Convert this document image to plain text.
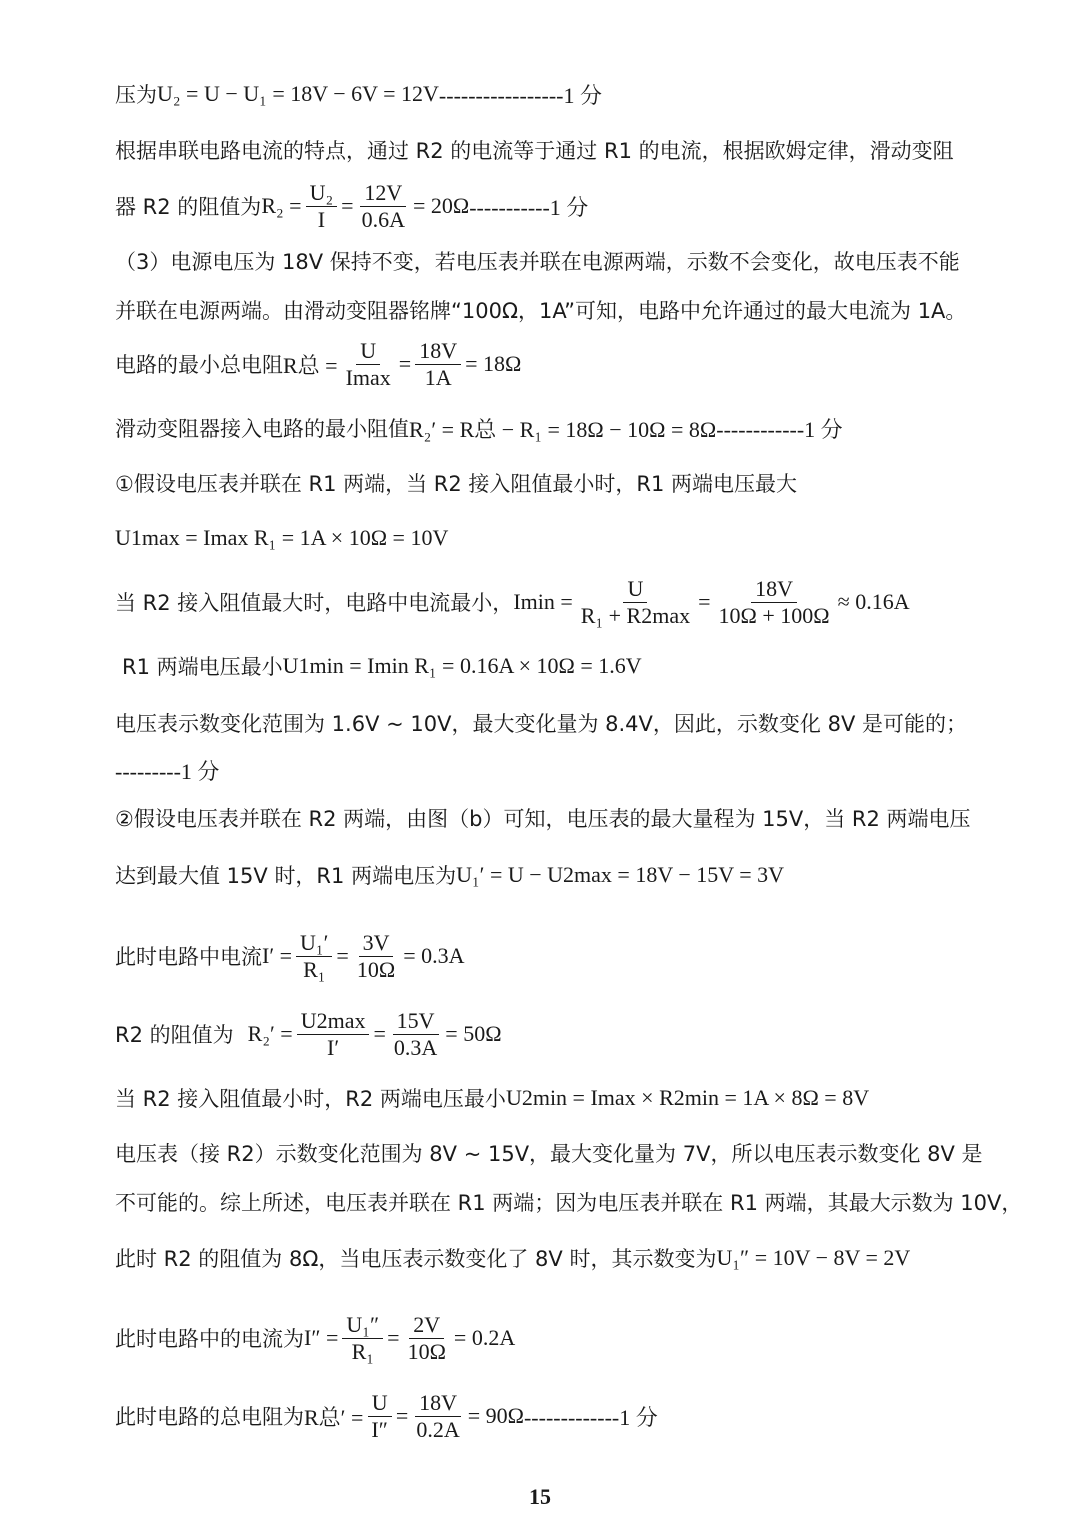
压为 U₂ = U − U₁ = 18V − 6V = 12V -----------------1 分
根据串联电路电流的特点，通过 R2 的电流等于通过 R1 的电流，根据欧姆定律，滑动变阻
器 R2 的阻值为 $R_2 = \frac{\text{U₂}}{I} = \frac{12V}{0.6A} = 20\Omega$ -----------1 分
（3）电源电压为 18V 保持不变，若电压表并联在电源两端，示数不会变化，故电压表不能
并联在电源两端。由滑动变阻器铭牌“100Ω，1A”可知，电路中允许通过的最大电流为 1A。
电路的最小总电阻 R总 = $\frac{U}{Imax} = \frac{18V}{1A} = 18\Omega$
滑动变阻器接入电路的最小阻值 R₂′ = R总 − R₁ = 18Ω − 10Ω = 8Ω ------------1 分
①假设电压表并联在 R1 两端，当 R2 接入阻值最小时，R1 两端电压最大
U1max = Imax R₁ = 1A × 10Ω = 10V
当 R2 接入阻值最大时，电路中电流最小， $Imin = \frac{U}{\text{R₁ + R2max}} = \frac{18V}{10\Omega + 100\Omega} \approx 0.16A$
R1 两端电压最小 U1min = Imin R₁ = 0.16A × 10Ω = 1.6V
电压表示数变化范围为 1.6V ~ 10V，最大变化量为 8.4V，因此，示数变化 8V 是可能的；
---------1 分
②假设电压表并联在 R2 两端，由图（b）可知，电压表的最大量程为 15V，当 R2 两端电压
达到最大值 15V 时，R1 两端电压为 U₁′ = U − U2max = 18V − 15V = 3V
此时电路中电流 $I' = \frac{\text{U₁′}}{\text{R₁}} = \frac{3V}{10\Omega} = 0.3A$
R2 的阻值为 $R_2' = \frac{U2\max}{I'} = \frac{15V}{0.3A} = 50\Omega$
当 R2 接入阻值最小时，R2 两端电压最小 U2min = Imax × R2min = 1A × 8Ω = 8V
电压表（接 R2）示数变化范围为 8V ~ 15V，最大变化量为 7V，所以电压表示数变化 8V 是
不可能的。综上所述，电压表并联在 R1 两端；因为电压表并联在 R1 两端，其最大示数为 10V，
此时 R2 的阻值为 8Ω，当电压表示数变化了 8V 时，其示数变为 U₁″ = 10V − 8V = 2V
此时电路中的电流为 $I'' = \frac{\text{U₁″}}{\text{R₁}} = \frac{2V}{10\Omega} = 0.2A$
此时电路的总电阻为 R总′ = $\frac{U}{I''} = \frac{18V}{0.2A} = 90\Omega$ -------------1 分
15
